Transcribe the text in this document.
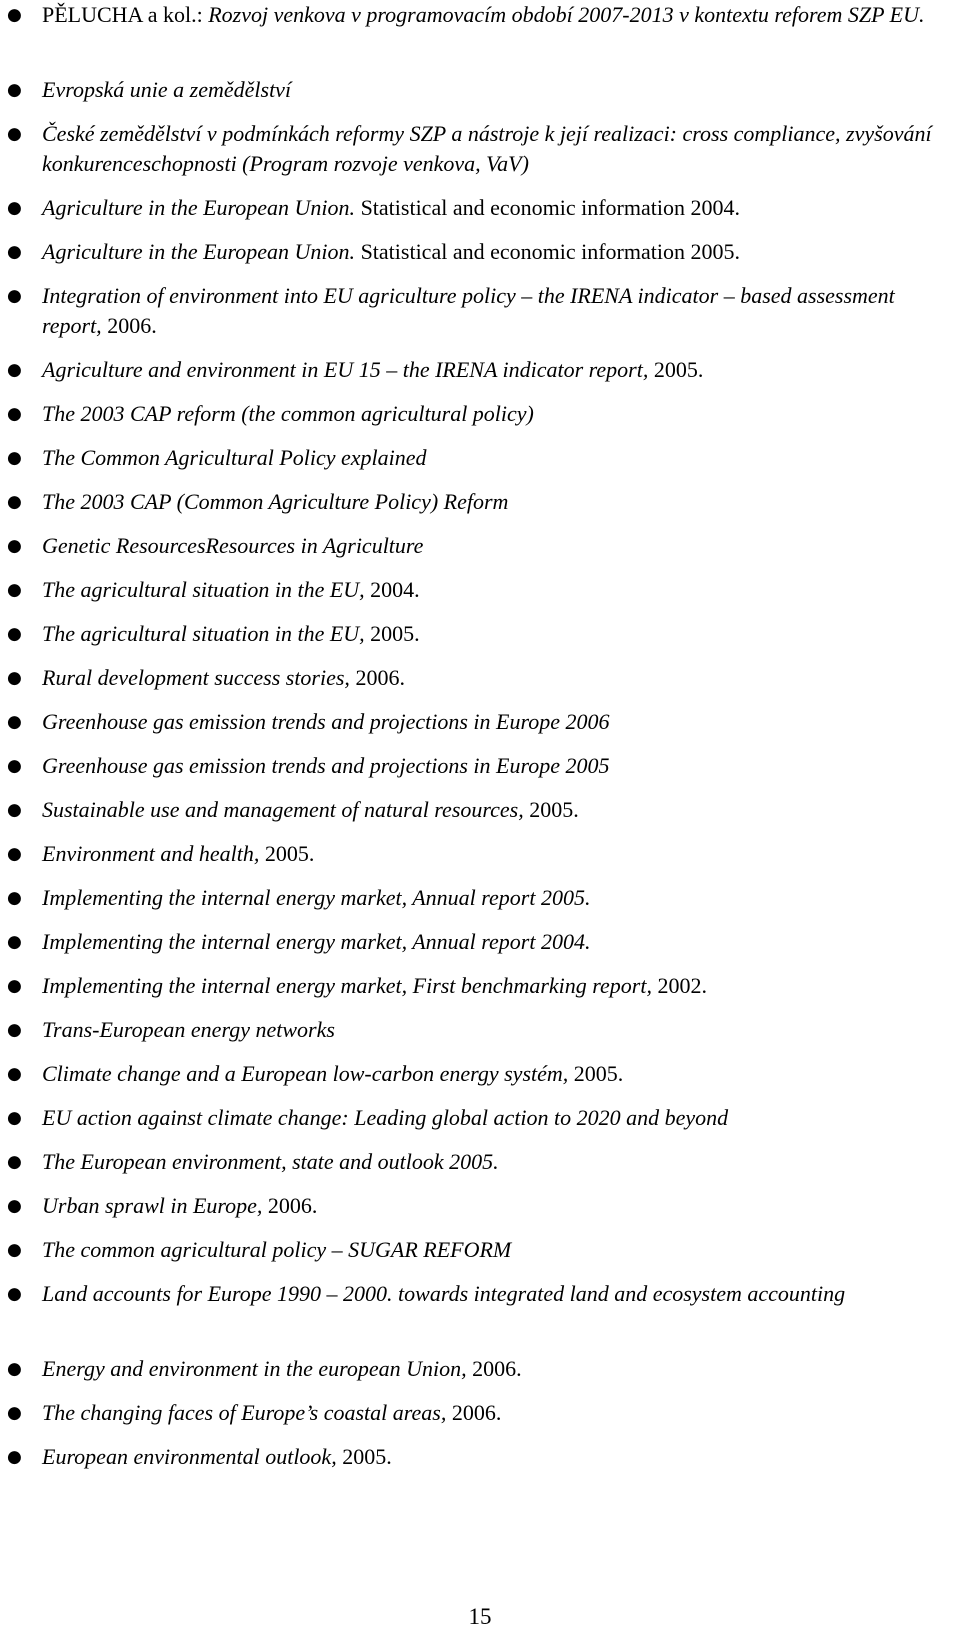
● PĚLUCHA a kol.: Rozvoj venkova v programovacím období 2007-2013 v kontextu reforem SZP EU.
● Evropská unie a zemědělství
● České zemědělství v podmínkách reformy SZP a nástroje k její realizaci: cross compliance, zvyšování konkurenceschopnosti (Program rozvoje venkova, VaV)
● Agriculture in the European Union. Statistical and economic information 2004.
● Agriculture in the European Union. Statistical and economic information 2005.
● Integration of environment into EU agriculture policy – the IRENA indicator – based assessment report, 2006.
● Agriculture and environment in EU 15 – the IRENA indicator report, 2005.
● The 2003 CAP reform (the common agricultural policy)
● The Common Agricultural Policy explained
● The 2003 CAP (Common Agriculture Policy) Reform
● Genetic ResourcesResources in Agriculture
● The agricultural situation in the EU, 2004.
● The agricultural situation in the EU, 2005.
● Rural development success stories, 2006.
● Greenhouse gas emission trends and projections in Europe 2006
● Greenhouse gas emission trends and projections in Europe 2005
● Sustainable use and management of natural resources, 2005.
● Environment and health, 2005.
● Implementing the internal energy market, Annual report 2005.
● Implementing the internal energy market, Annual report 2004.
● Implementing the internal energy market, First benchmarking report, 2002.
● Trans-European energy networks
● Climate change and a European low-carbon energy systém, 2005.
● EU action against climate change: Leading global action to 2020 and beyond
● The European environment, state and outlook 2005.
● Urban sprawl in Europe, 2006.
● The common agricultural policy – SUGAR REFORM
● Land accounts for Europe 1990 – 2000. towards integrated land and ecosystem accounting
● Energy and environment in the european Union, 2006.
● The changing faces of Europe’s coastal areas, 2006.
● European environmental outlook, 2005.
15
